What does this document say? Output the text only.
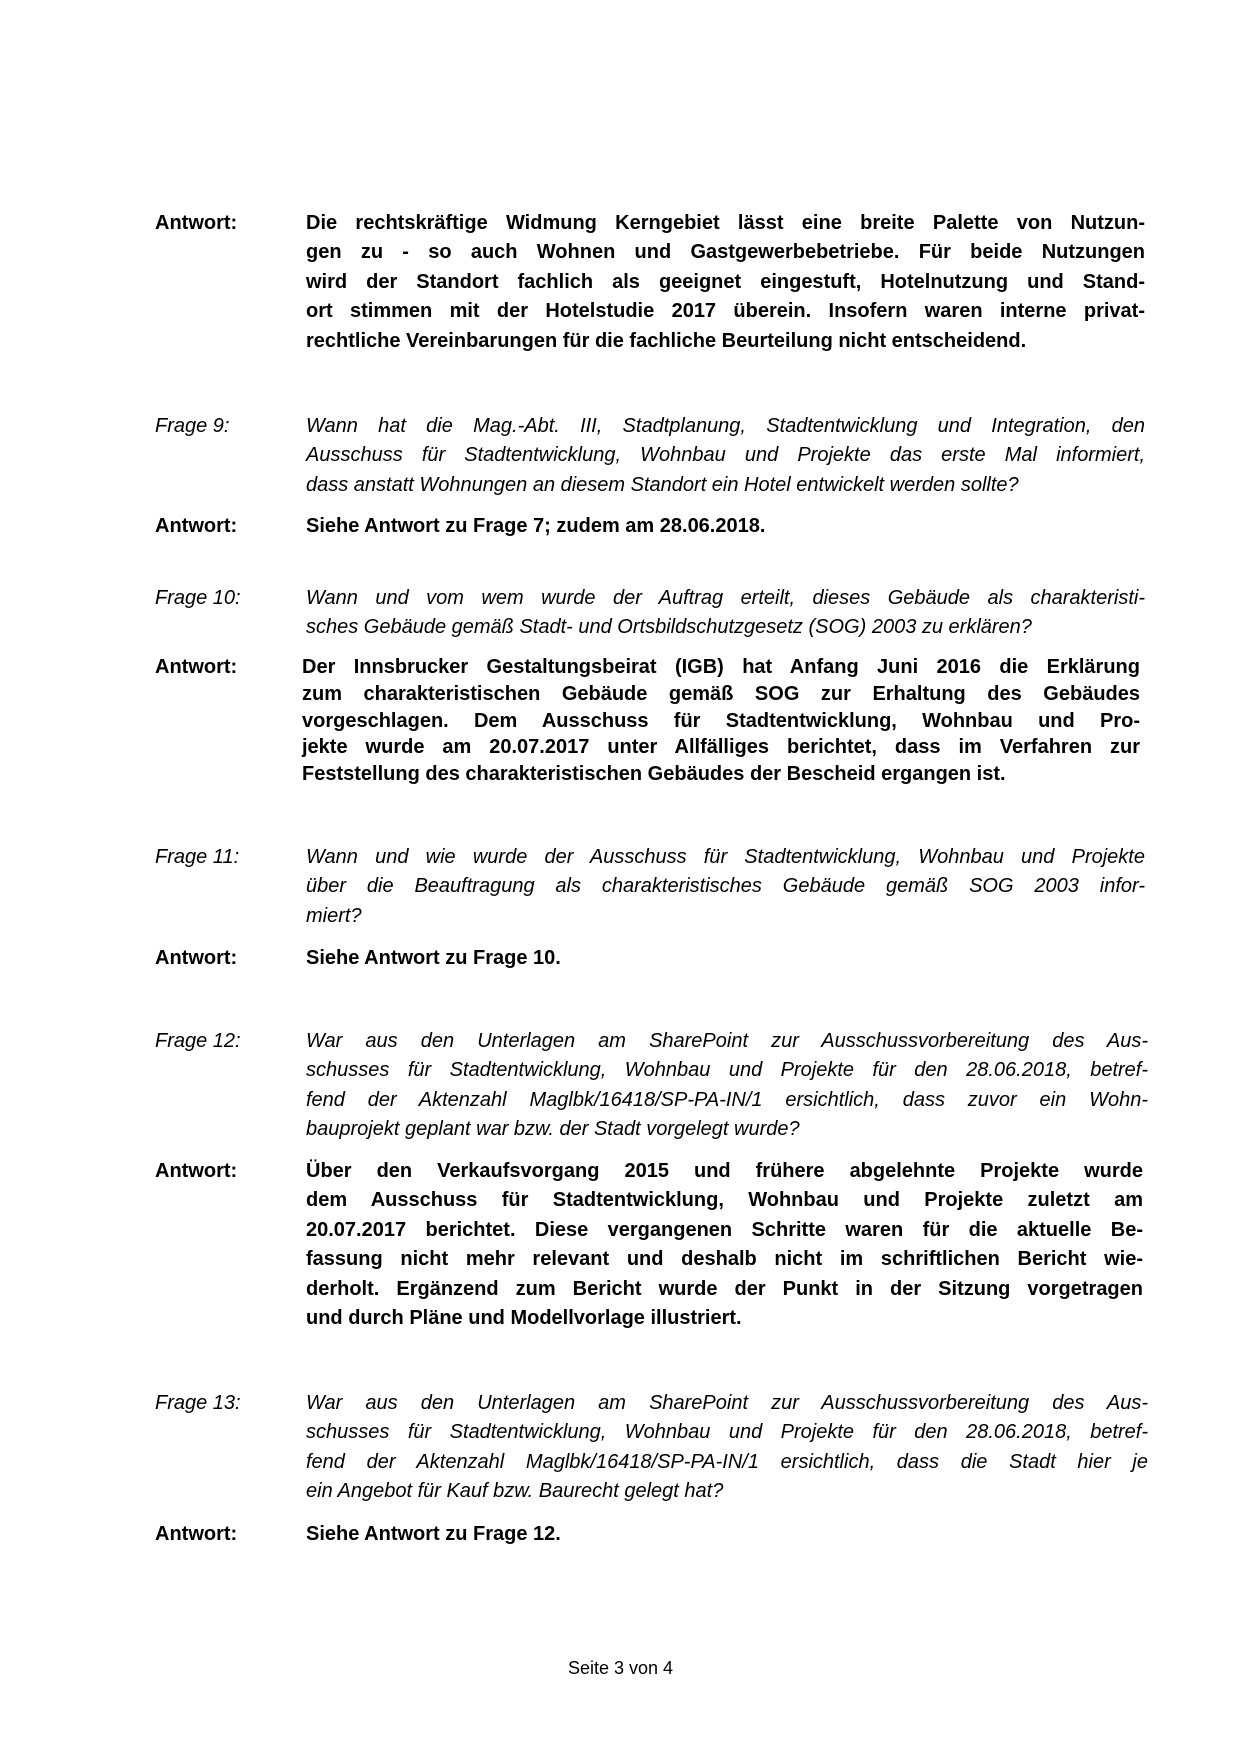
Antwort:	Die rechtskräftige Widmung Kerngebiet lässt eine breite Palette von Nutzun-
gen zu - so auch Wohnen und Gastgewerbebetriebe. Für beide Nutzungen
wird der Standort fachlich als geeignet eingestuft, Hotelnutzung und Stand-
ort stimmen mit der Hotelstudie 2017 überein. Insofern waren interne privat-
rechtliche Vereinbarungen für die fachliche Beurteilung nicht entscheidend.
Frage 9:	Wann hat die Mag.-Abt. III, Stadtplanung, Stadtentwicklung und Integration, den
Ausschuss für Stadtentwicklung, Wohnbau und Projekte das erste Mal informiert,
dass anstatt Wohnungen an diesem Standort ein Hotel entwickelt werden sollte?
Antwort:	Siehe Antwort zu Frage 7; zudem am 28.06.2018.
Frage 10:	Wann und vom wem wurde der Auftrag erteilt, dieses Gebäude als charakteristi-
sches Gebäude gemäß Stadt- und Ortsbildschutzgesetz (SOG) 2003 zu erklären?
Antwort:	Der Innsbrucker Gestaltungsbeirat (IGB) hat Anfang Juni 2016 die Erklärung
zum charakteristischen Gebäude gemäß SOG zur Erhaltung des Gebäudes
vorgeschlagen. Dem Ausschuss für Stadtentwicklung, Wohnbau und Pro-
jekte wurde am 20.07.2017 unter Allfälliges berichtet, dass im Verfahren zur
Feststellung des charakteristischen Gebäudes der Bescheid ergangen ist.
Frage 11:	Wann und wie wurde der Ausschuss für Stadtentwicklung, Wohnbau und Projekte
über die Beauftragung als charakteristisches Gebäude gemäß SOG 2003 infor-
miert?
Antwort:	Siehe Antwort zu Frage 10.
Frage 12:	War aus den Unterlagen am SharePoint zur Ausschussvorbereitung des Aus-
schusses für Stadtentwicklung, Wohnbau und Projekte für den 28.06.2018, betref-
fend der Aktenzahl Maglbk/16418/SP-PA-IN/1 ersichtlich, dass zuvor ein Wohn-
bauprojekt geplant war bzw. der Stadt vorgelegt wurde?
Antwort:	Über den Verkaufsvorgang 2015 und frühere abgelehnte Projekte wurde
dem Ausschuss für Stadtentwicklung, Wohnbau und Projekte zuletzt am
20.07.2017 berichtet. Diese vergangenen Schritte waren für die aktuelle Be-
fassung nicht mehr relevant und deshalb nicht im schriftlichen Bericht wie-
derholt. Ergänzend zum Bericht wurde der Punkt in der Sitzung vorgetragen
und durch Pläne und Modellvorlage illustriert.
Frage 13:	War aus den Unterlagen am SharePoint zur Ausschussvorbereitung des Aus-
schusses für Stadtentwicklung, Wohnbau und Projekte für den 28.06.2018, betref-
fend der Aktenzahl Maglbk/16418/SP-PA-IN/1 ersichtlich, dass die Stadt hier je
ein Angebot für Kauf bzw. Baurecht gelegt hat?
Antwort:	Siehe Antwort zu Frage 12.
Seite 3 von 4
